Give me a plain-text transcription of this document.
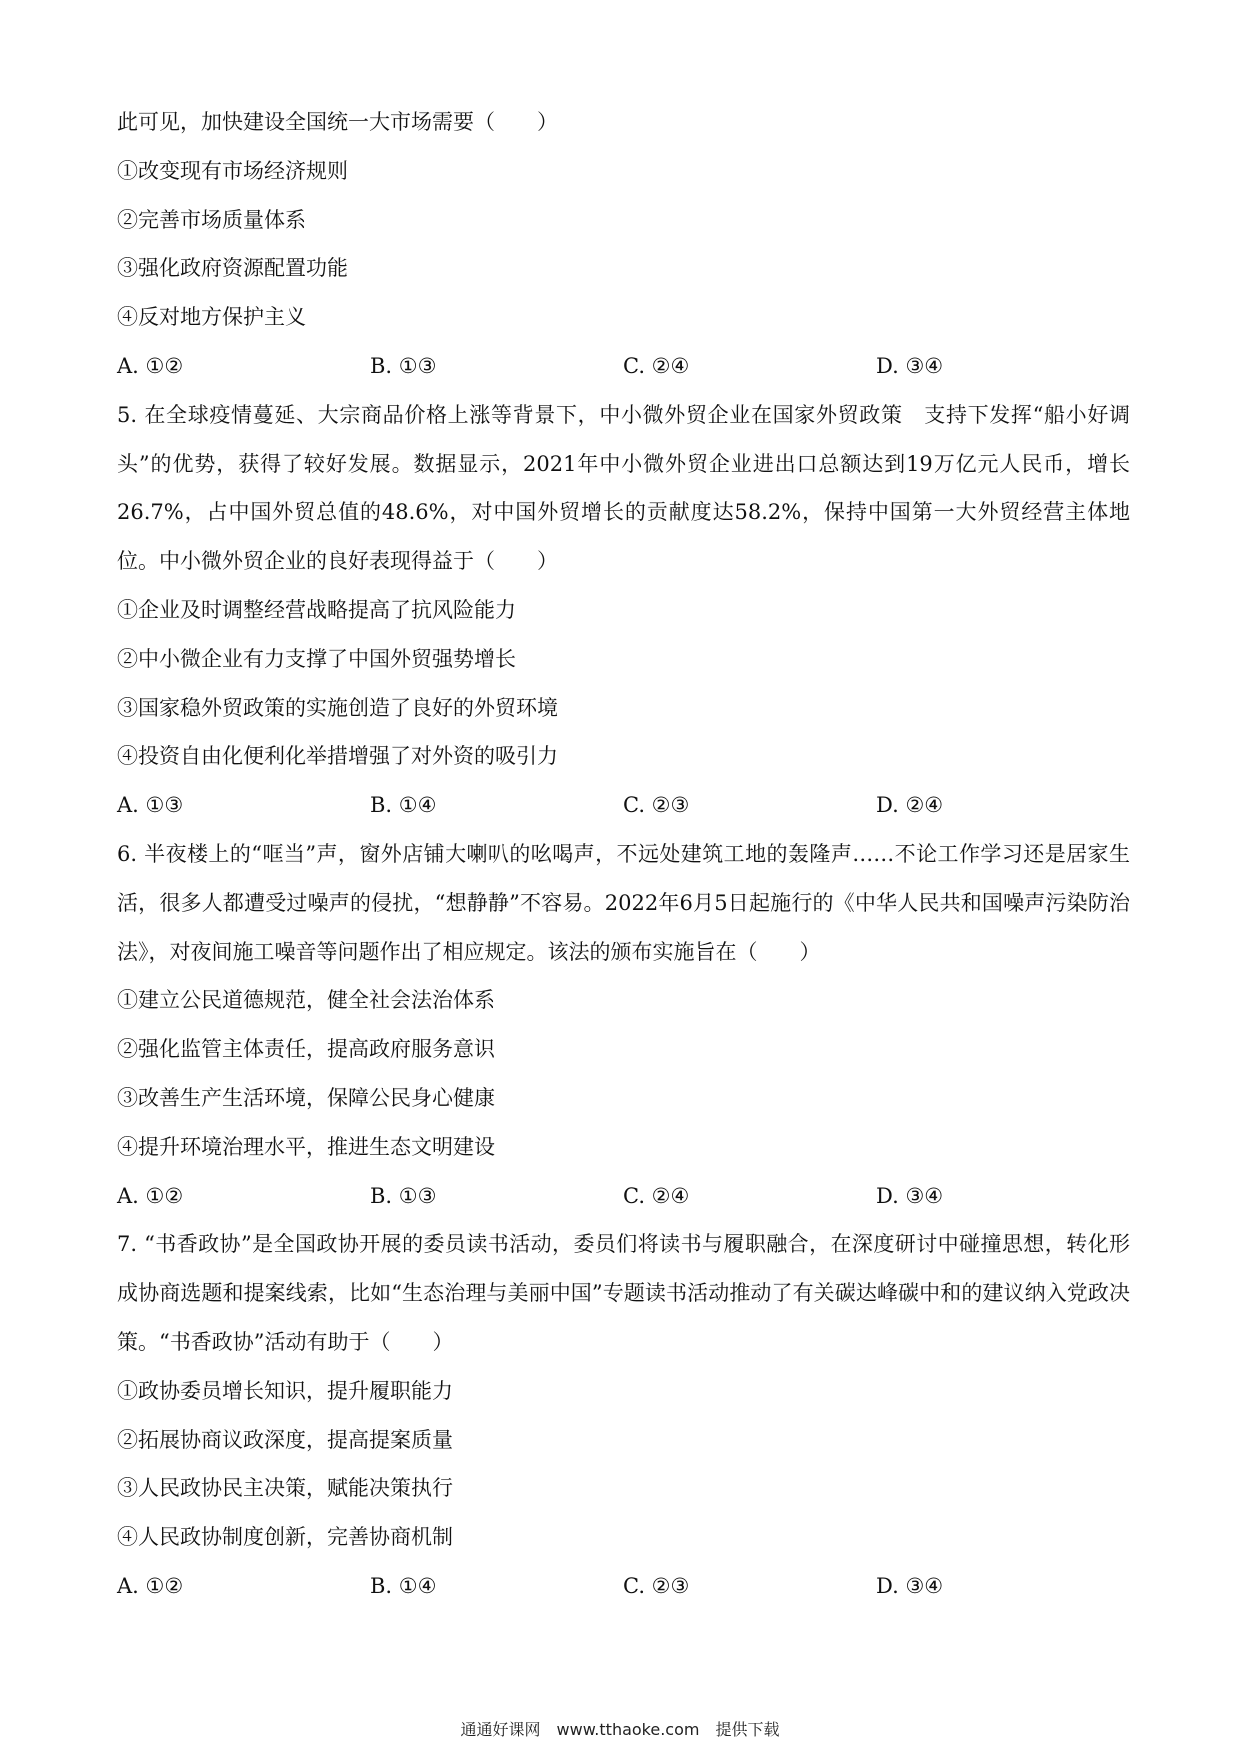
此可见，加快建设全国统一大市场需要（　　）
①改变现有市场经济规则
②完善市场质量体系
③强化政府资源配置功能
④反对地方保护主义
A. ①②	B. ①③	C. ②④	D. ③④
5. 在全球疫情蔓延、大宗商品价格上涨等背景下，中小微外贸企业在国家外贸政策　支持下发挥“船小好调头”的优势，获得了较好发展。数据显示，2021年中小微外贸企业进出口总额达到19万亿元人民币，增长26.7%，占中国外贸总值的48.6%，对中国外贸增长的贡献度达58.2%，保持中国第一大外贸经营主体地位。中小微外贸企业的良好表现得益于（　　）
①企业及时调整经营战略提高了抗风险能力
②中小微企业有力支撑了中国外贸强势增长
③国家稳外贸政策的实施创造了良好的外贸环境
④投资自由化便利化举措增强了对外资的吸引力
A. ①③	B. ①④	C. ②③	D. ②④
6. 半夜楼上的“哐当”声，窗外店铺大喇叭的吆喝声，不远处建筑工地的轰隆声……不论工作学习还是居家生活，很多人都遭受过噪声的侵扰，“想静静”不容易。2022年6月5日起施行的《中华人民共和国噪声污染防治法》，对夜间施工噪音等问题作出了相应规定。该法的颁布实施旨在（　　）
①建立公民道德规范，健全社会法治体系
②强化监管主体责任，提高政府服务意识
③改善生产生活环境，保障公民身心健康
④提升环境治理水平，推进生态文明建设
A. ①②	B. ①③	C. ②④	D. ③④
7. “书香政协”是全国政协开展的委员读书活动，委员们将读书与履职融合，在深度研讨中碰撞思想，转化形成协商选题和提案线索，比如“生态治理与美丽中国”专题读书活动推动了有关碳达峰碳中和的建议纳入党政决策。“书香政协”活动有助于（　　）
①政协委员增长知识，提升履职能力
②拓展协商议政深度，提高提案质量
③人民政协民主决策，赋能决策执行
④人民政协制度创新，完善协商机制
A. ①②	B. ①④	C. ②③	D. ③④
通通好课网　www.tthaoke.com　提供下载
